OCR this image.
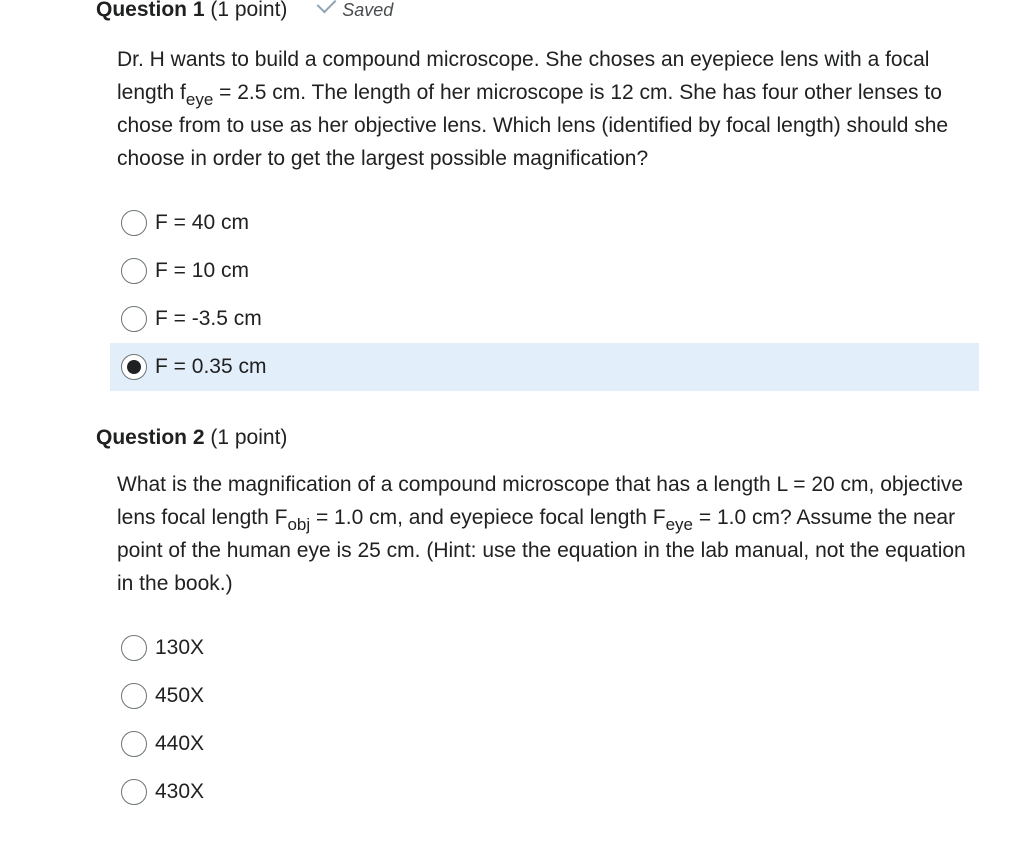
Question 1 (1 point)	Saved
Dr. H wants to build a compound microscope. She choses an eyepiece lens with a focal length $f_{eye} = 2.5$ cm. The length of her microscope is 12 cm. She has four other lenses to chose from to use as her objective lens. Which lens (identified by focal length) should she choose in order to get the largest possible magnification?
F = 40 cm
F = 10 cm
F = -3.5 cm
F = 0.35 cm
Question 2 (1 point)
What is the magnification of a compound microscope that has a length L = 20 cm, objective lens focal length $F_{obj} = 1.0$ cm, and eyepiece focal length $F_{eye} = 1.0$ cm? Assume the near point of the human eye is 25 cm. (Hint: use the equation in the lab manual, not the equation in the book.)
130X
450X
440X
430X
